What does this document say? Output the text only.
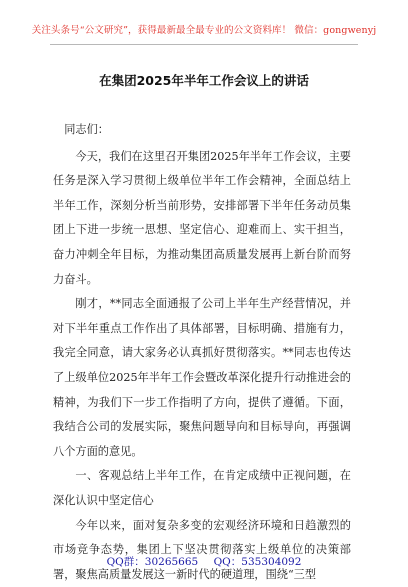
关注头条号“公文研究”，获得最新最全最专业的公文资料库！ 微信：gongwenyj
在集团2025年半年工作会议上的讲话

同志们：

今天，我们在这里召开集团2025年半年工作会议，主要任务是深入学习贯彻上级单位半年工作会精神，全面总结上半年工作，深刻分析当前形势，安排部署下半年任务动员集团上下进一步统一思想、坚定信心、迎难而上、实干担当，奋力冲刺全年目标，为推动集团高质量发展再上新台阶而努力奋斗。

刚才，**同志全面通报了公司上半年生产经营情况，并对下半年重点工作作出了具体部署，目标明确、措施有力，我完全同意，请大家务必认真抓好贯彻落实。**同志也传达了上级单位2025年半年工作会暨改革深化提升行动推进会的精神，为我们下一步工作指明了方向，提供了遵循。下面，我结合公司的发展实际，聚焦问题导向和目标导向，再强调八个方面的意见。

一、客观总结上半年工作，在肯定成绩中正视问题，在深化认识中坚定信心

今年以来，面对复杂多变的宏观经济环境和日趋激烈的市场竞争态势，集团上下坚决贯彻落实上级单位的决策部署，聚焦高质量发展这一新时代的硬道理，围绕“三型

QQ群：30265665 QQ：535304092
